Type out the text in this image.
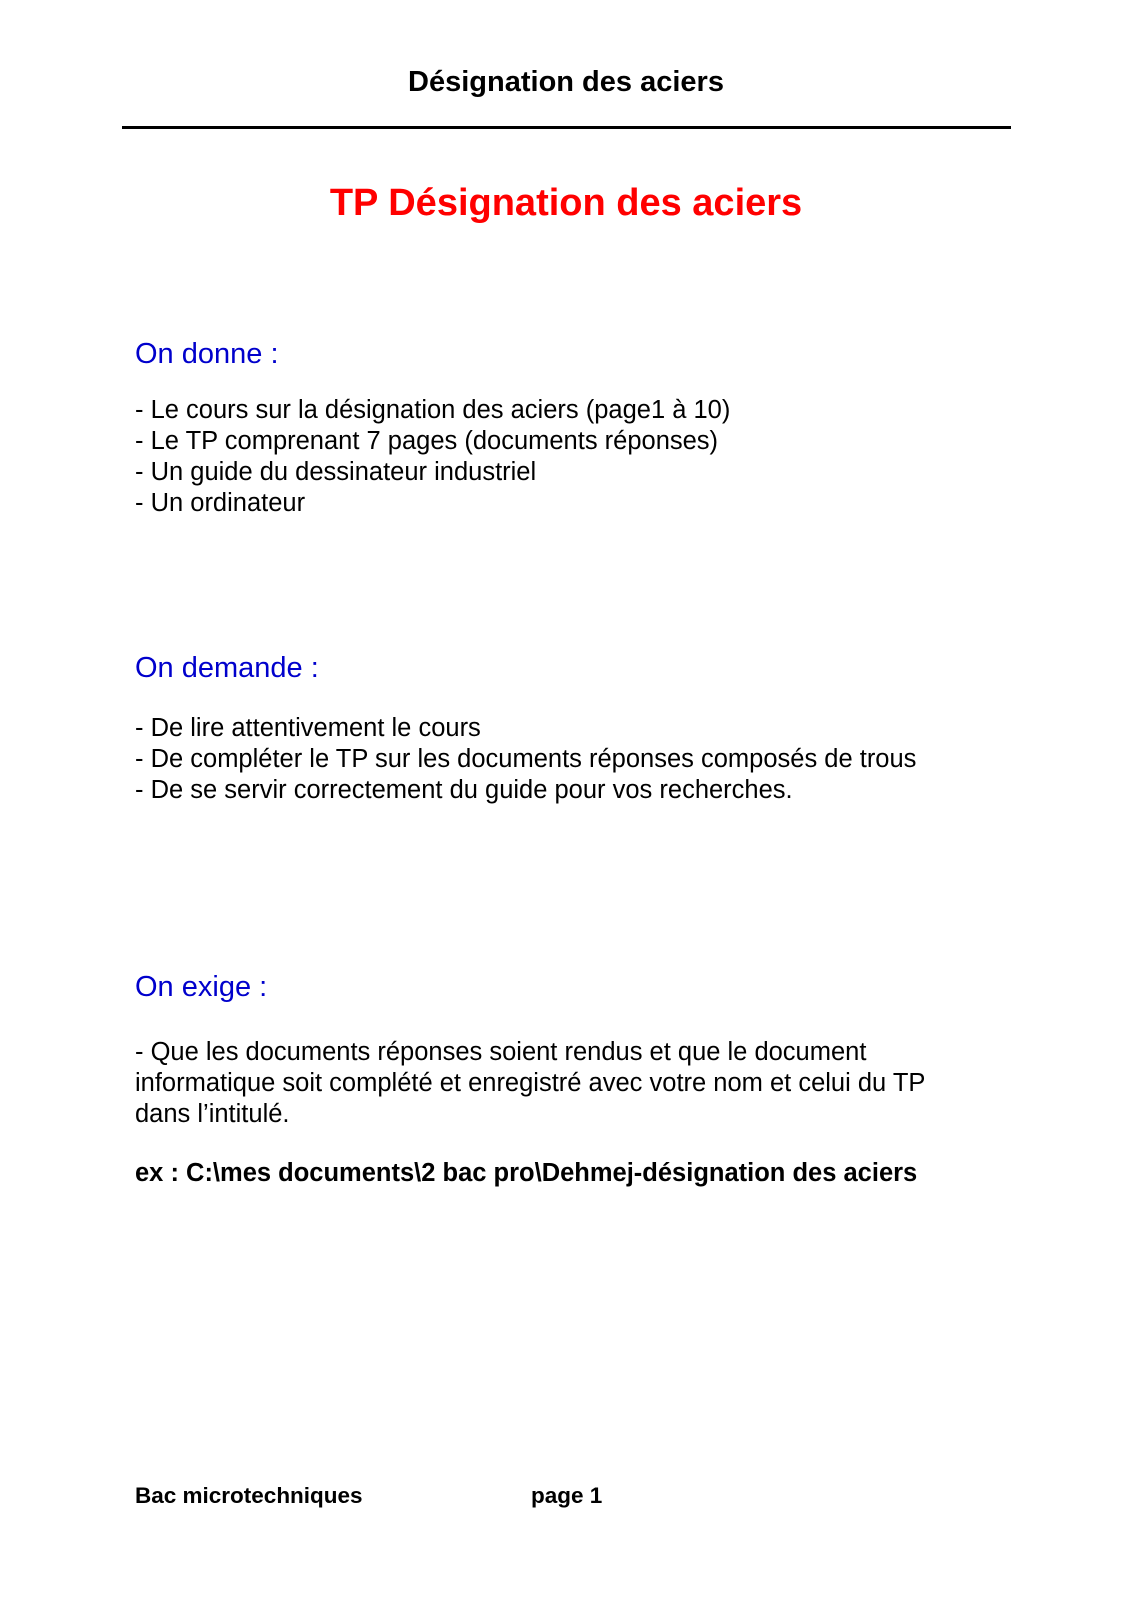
Désignation des aciers
TP Désignation des aciers
On donne :
- Le cours sur la désignation des aciers (page1 à 10)
- Le TP comprenant 7 pages (documents réponses)
- Un guide du dessinateur industriel
- Un ordinateur
On demande :
- De lire attentivement le cours
- De compléter le TP sur les documents réponses composés de trous
- De se servir correctement du guide pour vos recherches.
On exige :

- Que les documents réponses soient rendus et que le document informatique soit complété et enregistré avec votre nom et celui du TP dans l’intitulé.

ex : C:\mes documents\2 bac pro\Dehmej-désignation des aciers

Bac microtechniques	page 1
